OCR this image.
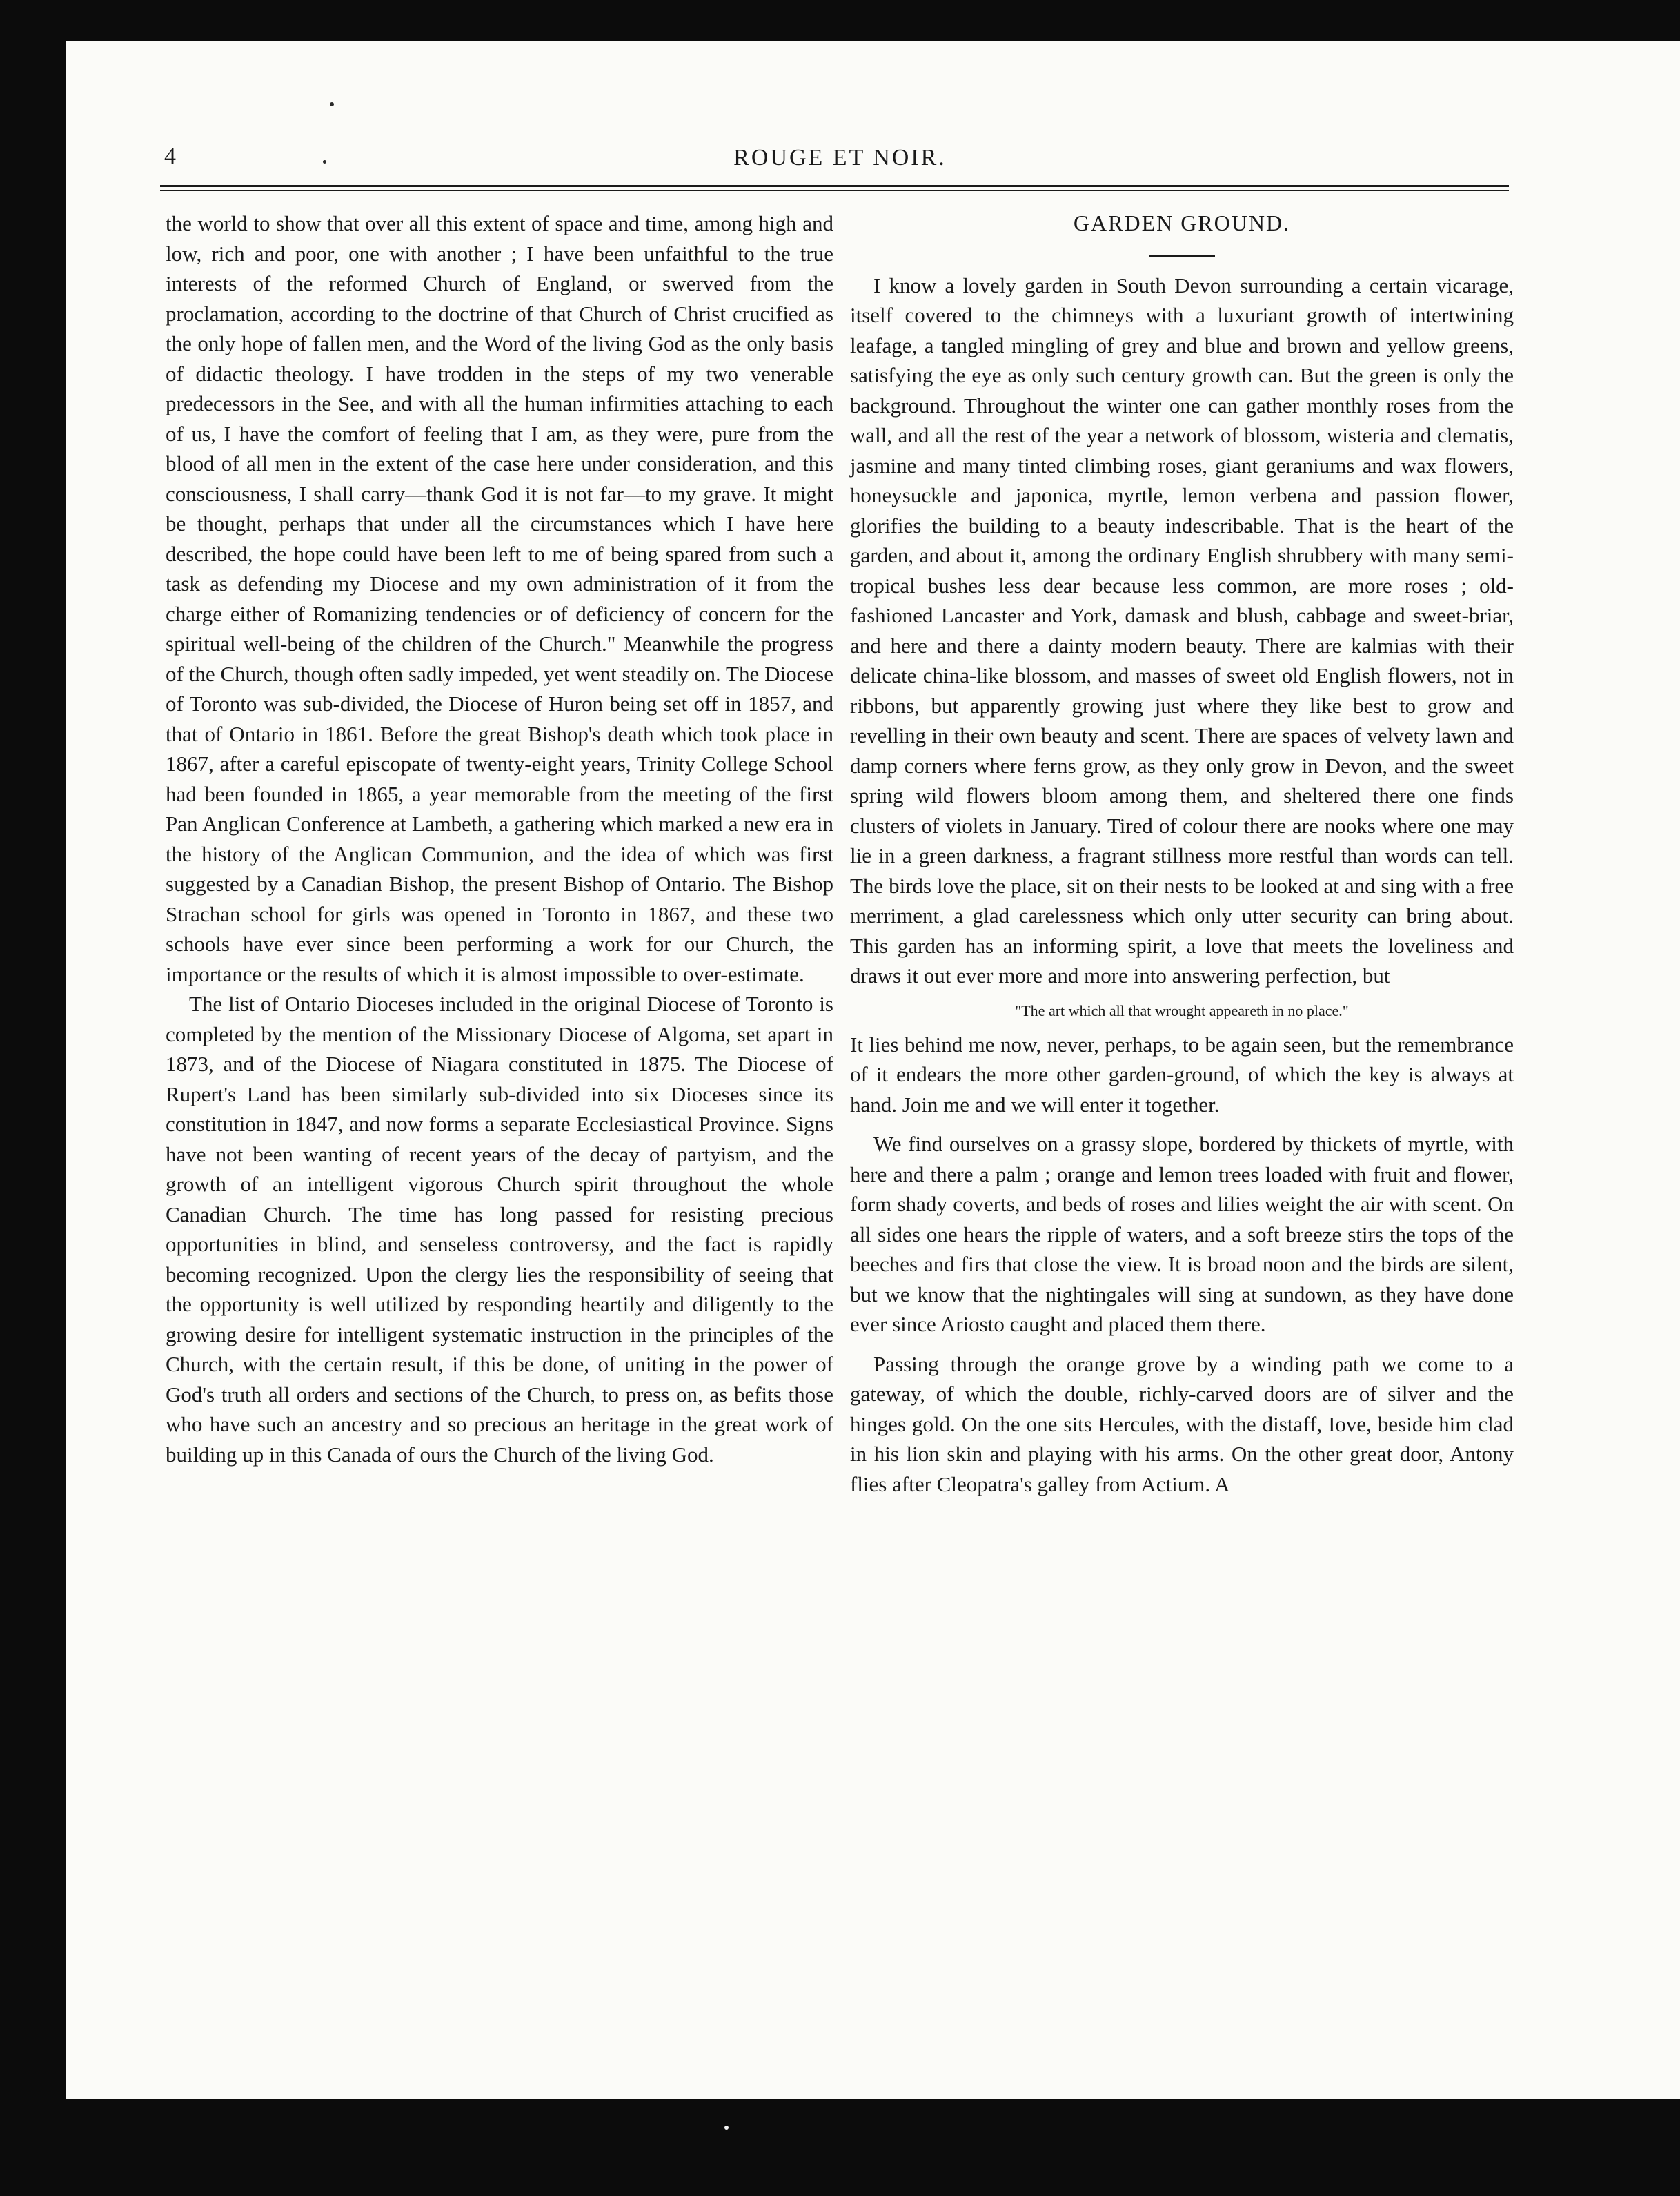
4	ROUGE ET NOIR.

the world to show that over all this extent of space and time, among high and low, rich and poor, one with another ; I have been unfaithful to the true interests of the reformed Church of England, or swerved from the proclamation, according to the doctrine of that Church of Christ crucified as the only hope of fallen men, and the Word of the living God as the only basis of didactic theology. I have trodden in the steps of my two venerable predecessors in the See, and with all the human infirmities attaching to each of us, I have the comfort of feeling that I am, as they were, pure from the blood of all men in the extent of the case here under consideration, and this consciousness, I shall carry—thank God it is not far—to my grave. It might be thought, perhaps that under all the circumstances which I have here described, the hope could have been left to me of being spared from such a task as defending my Diocese and my own administration of it from the charge either of Romanizing tendencies or of deficiency of concern for the spiritual well-being of the children of the Church." Meanwhile the progress of the Church, though often sadly impeded, yet went steadily on. The Diocese of Toronto was sub-divided, the Diocese of Huron being set off in 1857, and that of Ontario in 1861. Before the great Bishop's death which took place in 1867, after a careful episcopate of twenty-eight years, Trinity College School had been founded in 1865, a year memorable from the meeting of the first Pan Anglican Conference at Lambeth, a gathering which marked a new era in the history of the Anglican Communion, and the idea of which was first suggested by a Canadian Bishop, the present Bishop of Ontario. The Bishop Strachan school for girls was opened in Toronto in 1867, and these two schools have ever since been performing a work for our Church, the importance or the results of which it is almost impossible to over-estimate.

The list of Ontario Dioceses included in the original Diocese of Toronto is completed by the mention of the Missionary Diocese of Algoma, set apart in 1873, and of the Diocese of Niagara constituted in 1875. The Diocese of Rupert's Land has been similarly sub-divided into six Dioceses since its constitution in 1847, and now forms a separate Ecclesiastical Province. Signs have not been wanting of recent years of the decay of partyism, and the growth of an intelligent vigorous Church spirit throughout the whole Canadian Church. The time has long passed for resisting precious opportunities in blind, and senseless controversy, and the fact is rapidly becoming recognized. Upon the clergy lies the responsibility of seeing that the opportunity is well utilized by responding heartily and diligently to the growing desire for intelligent systematic instruction in the principles of the Church, with the certain result, if this be done, of uniting in the power of God's truth all orders and sections of the Church, to press on, as befits those who have such an ancestry and so precious an heritage in the great work of building up in this Canada of ours the Church of the living God.

GARDEN GROUND.

I know a lovely garden in South Devon surrounding a certain vicarage, itself covered to the chimneys with a luxuriant growth of intertwining leafage, a tangled mingling of grey and blue and brown and yellow greens, satisfying the eye as only such century growth can. But the green is only the background. Throughout the winter one can gather monthly roses from the wall, and all the rest of the year a network of blossom, wisteria and clematis, jasmine and many tinted climbing roses, giant geraniums and wax flowers, honeysuckle and japonica, myrtle, lemon verbena and passion flower, glorifies the building to a beauty indescribable. That is the heart of the garden, and about it, among the ordinary English shrubbery with many semi-tropical bushes less dear because less common, are more roses ; old-fashioned Lancaster and York, damask and blush, cabbage and sweet-briar, and here and there a dainty modern beauty. There are kalmias with their delicate china-like blossom, and masses of sweet old English flowers, not in ribbons, but apparently growing just where they like best to grow and revelling in their own beauty and scent. There are spaces of velvety lawn and damp corners where ferns grow, as they only grow in Devon, and the sweet spring wild flowers bloom among them, and sheltered there one finds clusters of violets in January. Tired of colour there are nooks where one may lie in a green darkness, a fragrant stillness more restful than words can tell. The birds love the place, sit on their nests to be looked at and sing with a free merriment, a glad carelessness which only utter security can bring about. This garden has an informing spirit, a love that meets the loveliness and draws it out ever more and more into answering perfection, but

"The art which all that wrought appeareth in no place."

It lies behind me now, never, perhaps, to be again seen, but the remembrance of it endears the more other garden-ground, of which the key is always at hand. Join me and we will enter it together.

We find ourselves on a grassy slope, bordered by thickets of myrtle, with here and there a palm ; orange and lemon trees loaded with fruit and flower, form shady coverts, and beds of roses and lilies weight the air with scent. On all sides one hears the ripple of waters, and a soft breeze stirs the tops of the beeches and firs that close the view. It is broad noon and the birds are silent, but we know that the nightingales will sing at sundown, as they have done ever since Ariosto caught and placed them there.

Passing through the orange grove by a winding path we come to a gateway, of which the double, richly-carved doors are of silver and the hinges gold. On the one sits Hercules, with the distaff, Iove, beside him clad in his lion skin and playing with his arms. On the other great door, Antony flies after Cleopatra's galley from Actium. A
